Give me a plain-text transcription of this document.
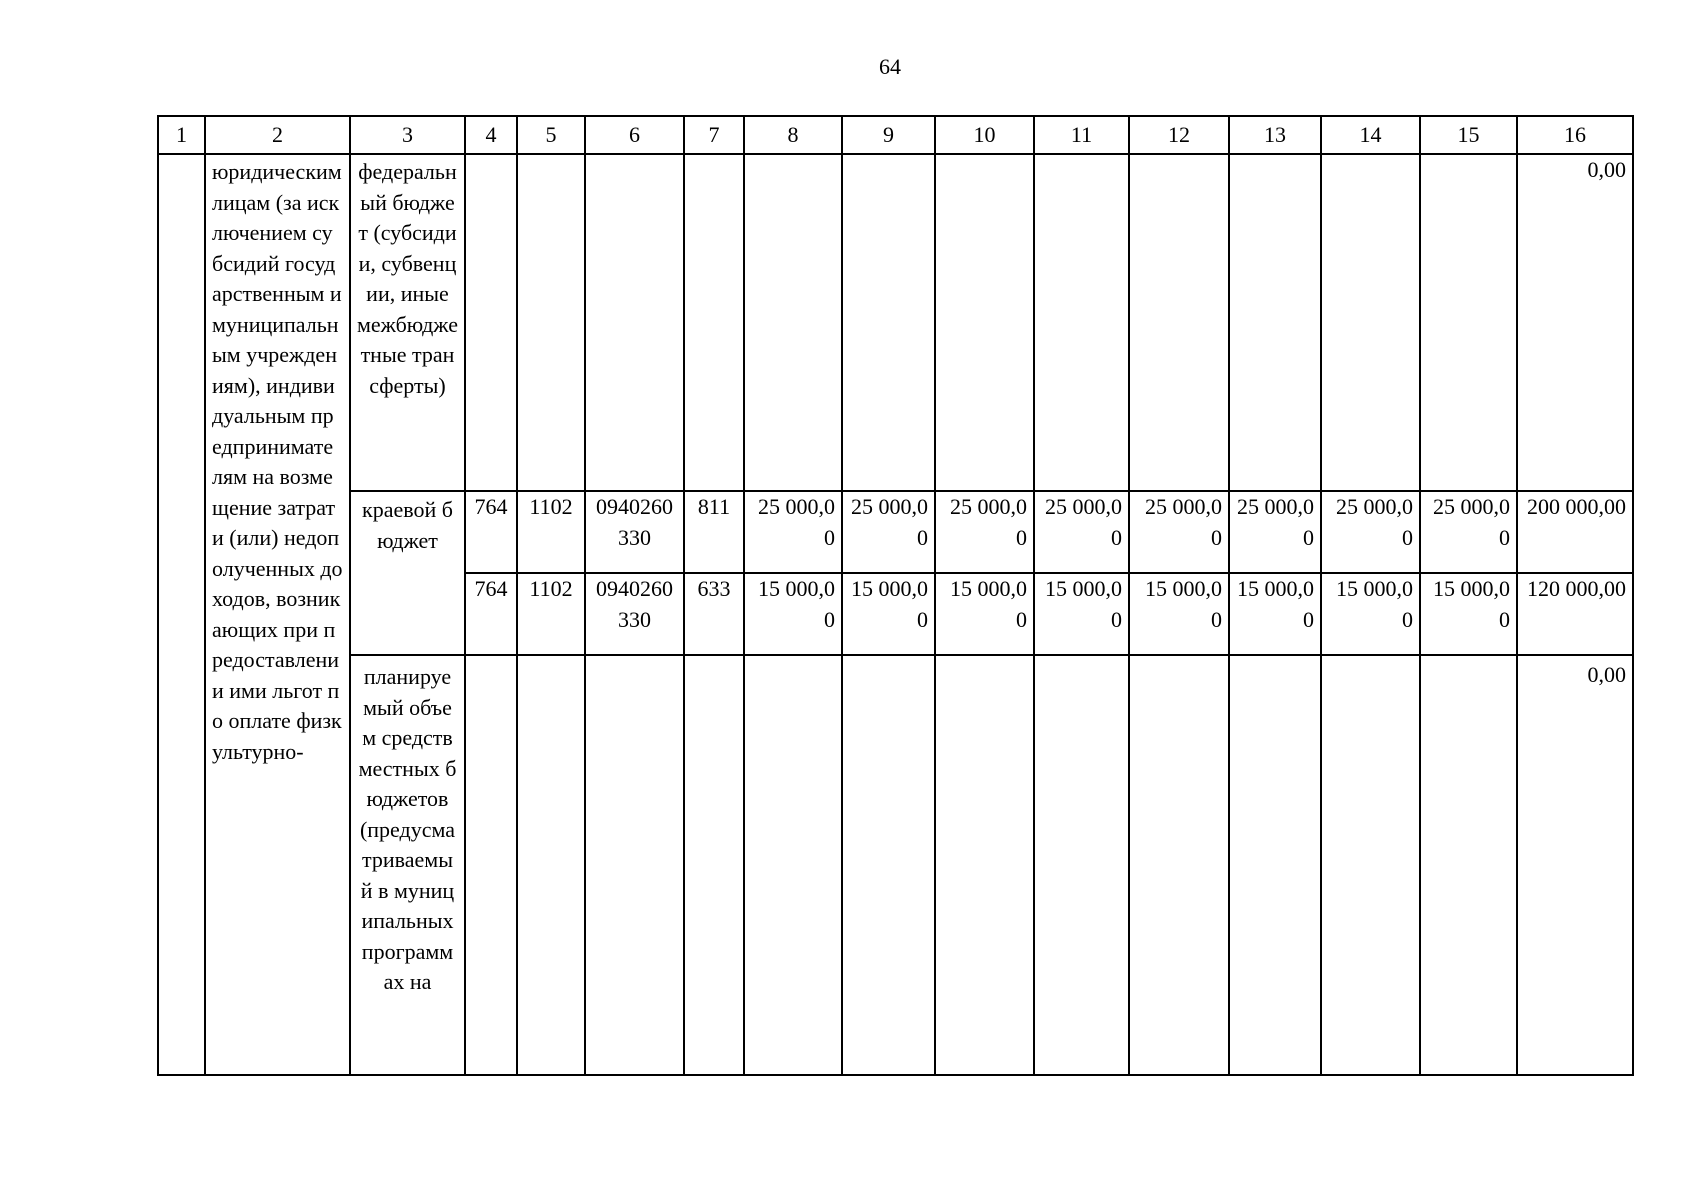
64
1	2	3	4	5	6	7	8	9	10	11	12	13	14	15	16
	юридическим лицам (за исключением субсидий государственным и муниципальным учреждениям), индивидуальным предпринимателям на возмещение затрат и (или) недополученных доходов, возникающих при предоставлении ими льгот по оплате физкультурно-	федеральный бюджет (субсидии, субвенции, иные межбюджетные трансферты)													0,00
		краевой бюджет	764	1102	0940260330	811	25 000,00	25 000,00	25 000,00	25 000,00	25 000,00	25 000,00	25 000,00	25 000,00	200 000,00
			764	1102	0940260330	633	15 000,00	15 000,00	15 000,00	15 000,00	15 000,00	15 000,00	15 000,00	15 000,00	120 000,00
		планируемый объем средств местных бюджетов (предусматриваемый в муниципальных программах на													0,00
